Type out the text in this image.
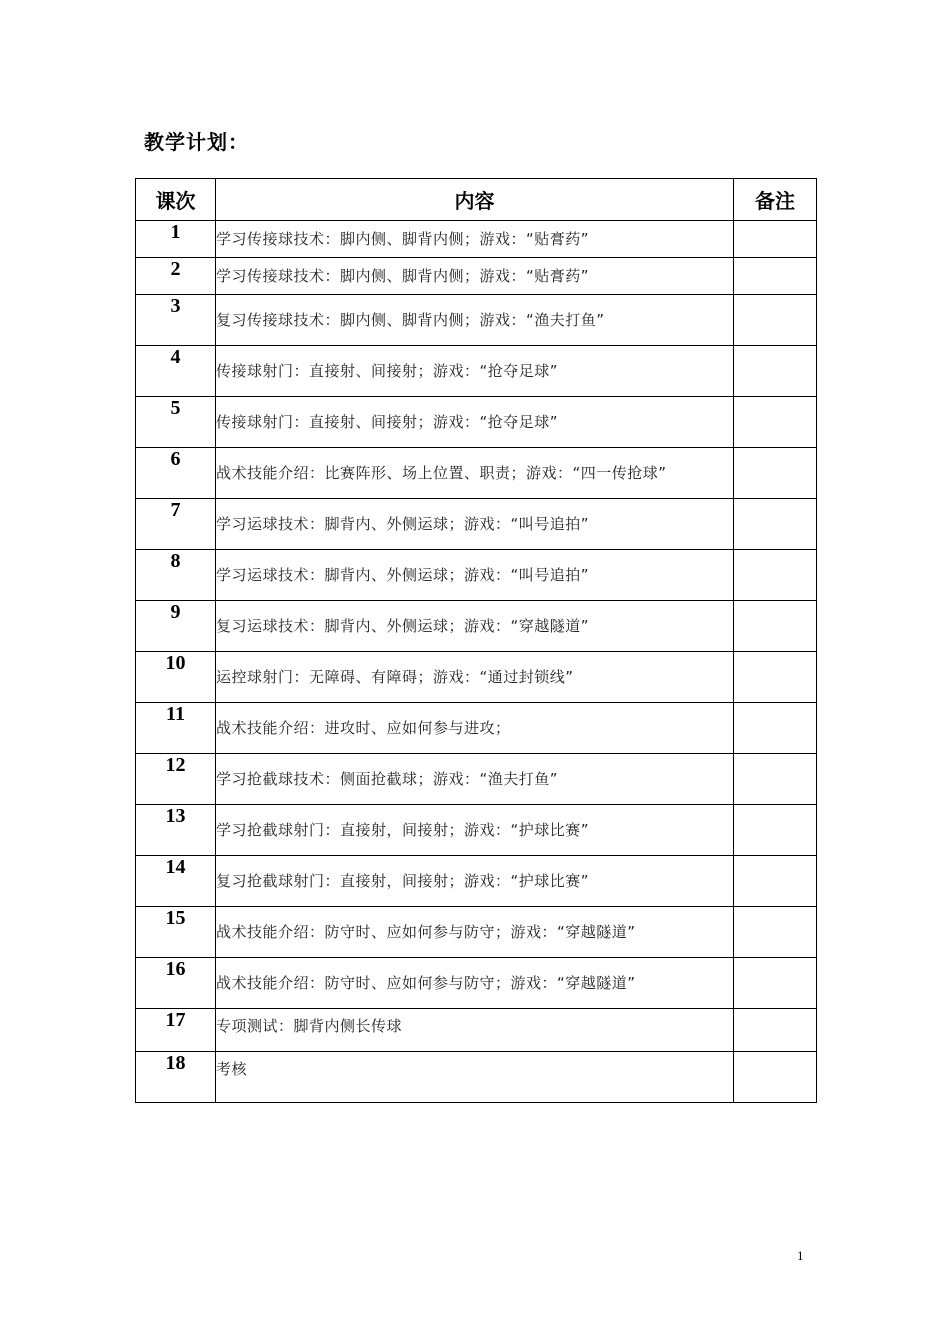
教学计划：
课次	内容	备注
1	学习传接球技术：脚内侧、脚背内侧；游戏：“贴膏药”	
2	学习传接球技术：脚内侧、脚背内侧；游戏：“贴膏药”	
3	复习传接球技术：脚内侧、脚背内侧；游戏：“渔夫打鱼”	
4	传接球射门：直接射、间接射；游戏：“抢夺足球”	
5	传接球射门：直接射、间接射；游戏：“抢夺足球”	
6	战术技能介绍：比赛阵形、场上位置、职责；游戏：“四一传抢球”	
7	学习运球技术：脚背内、外侧运球；游戏：“叫号追拍”	
8	学习运球技术：脚背内、外侧运球；游戏：“叫号追拍”	
9	复习运球技术：脚背内、外侧运球；游戏：“穿越隧道”	
10	运控球射门：无障碍、有障碍；游戏：“通过封锁线”	
11	战术技能介绍：进攻时、应如何参与进攻；	
12	学习抢截球技术：侧面抢截球；游戏：“渔夫打鱼”	
13	学习抢截球射门：直接射，间接射；游戏：“护球比赛”	
14	复习抢截球射门：直接射，间接射；游戏：“护球比赛”	
15	战术技能介绍：防守时、应如何参与防守；游戏：“穿越隧道”	
16	战术技能介绍：防守时、应如何参与防守；游戏：“穿越隧道”	
17	专项测试：脚背内侧长传球	
18	考核	
1
